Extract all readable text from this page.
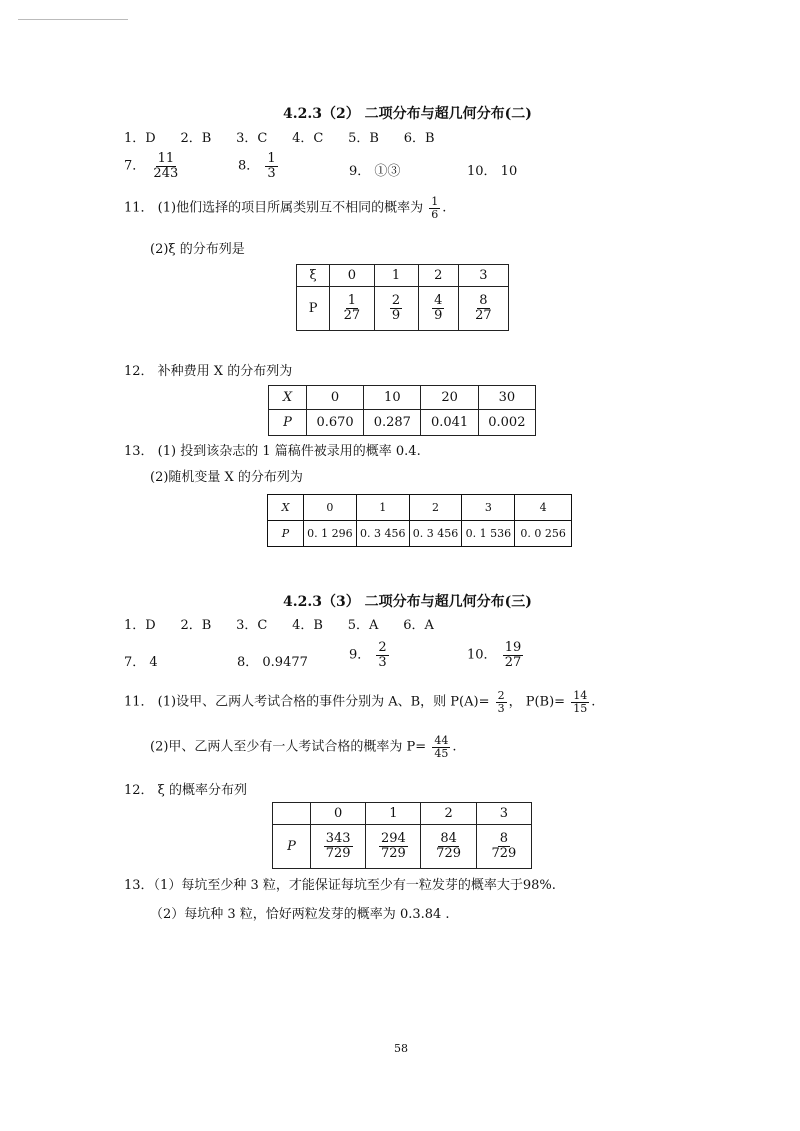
4.2.3（2） 二项分布与超几何分布(二)
1．D 2．B 3．C 4．C 5．B 6．B
7． $\frac{11}{243}$	8． $\frac{1}{3}$	9． ①③	10． 10
11． (1)他们选择的项目所属类别互不相同的概率为 $\frac{1}{6}$ .
(2)ξ 的分布列是
ξ	0	1	2	3
P	$\frac{1}{27}$	$\frac{2}{9}$	$\frac{4}{9}$	$\frac{8}{27}$
12． 补种费用 X 的分布列为
X	0	10	20	30
P	0.670	0.287	0.041	0.002
13． (1) 投到该杂志的 1 篇稿件被录用的概率 0.4.
(2)随机变量 X 的分布列为
X	0	1	2	3	4
P	0. 1 296	0. 3 456	0. 3 456	0. 1 536	0. 0 256
4.2.3（3） 二项分布与超几何分布(三)
1．D 2．B 3．C 4．B 5．A 6．A
7． 4	8． 0.9477	9． $\frac{2}{3}$	10． $\frac{19}{27}$
11． (1)设甲、乙两人考试合格的事件分别为 A、B，则 $P(A)= \frac{2}{3}$ ， $P(B)= \frac{14}{15}$ .
(2)甲、乙两人至少有一人考试合格的概率为 $P= \frac{44}{45}$ .
12． ξ 的概率分布列
	0	1	2	3
P	$\frac{343}{729}$	$\frac{294}{729}$	$\frac{84}{729}$	$\frac{8}{729}$
13．（1）每坑至少种 3 粒，才能保证每坑至少有一粒发芽的概率大于98%.
（2）每坑种 3 粒，恰好两粒发芽的概率为 0.3.84 .
58
